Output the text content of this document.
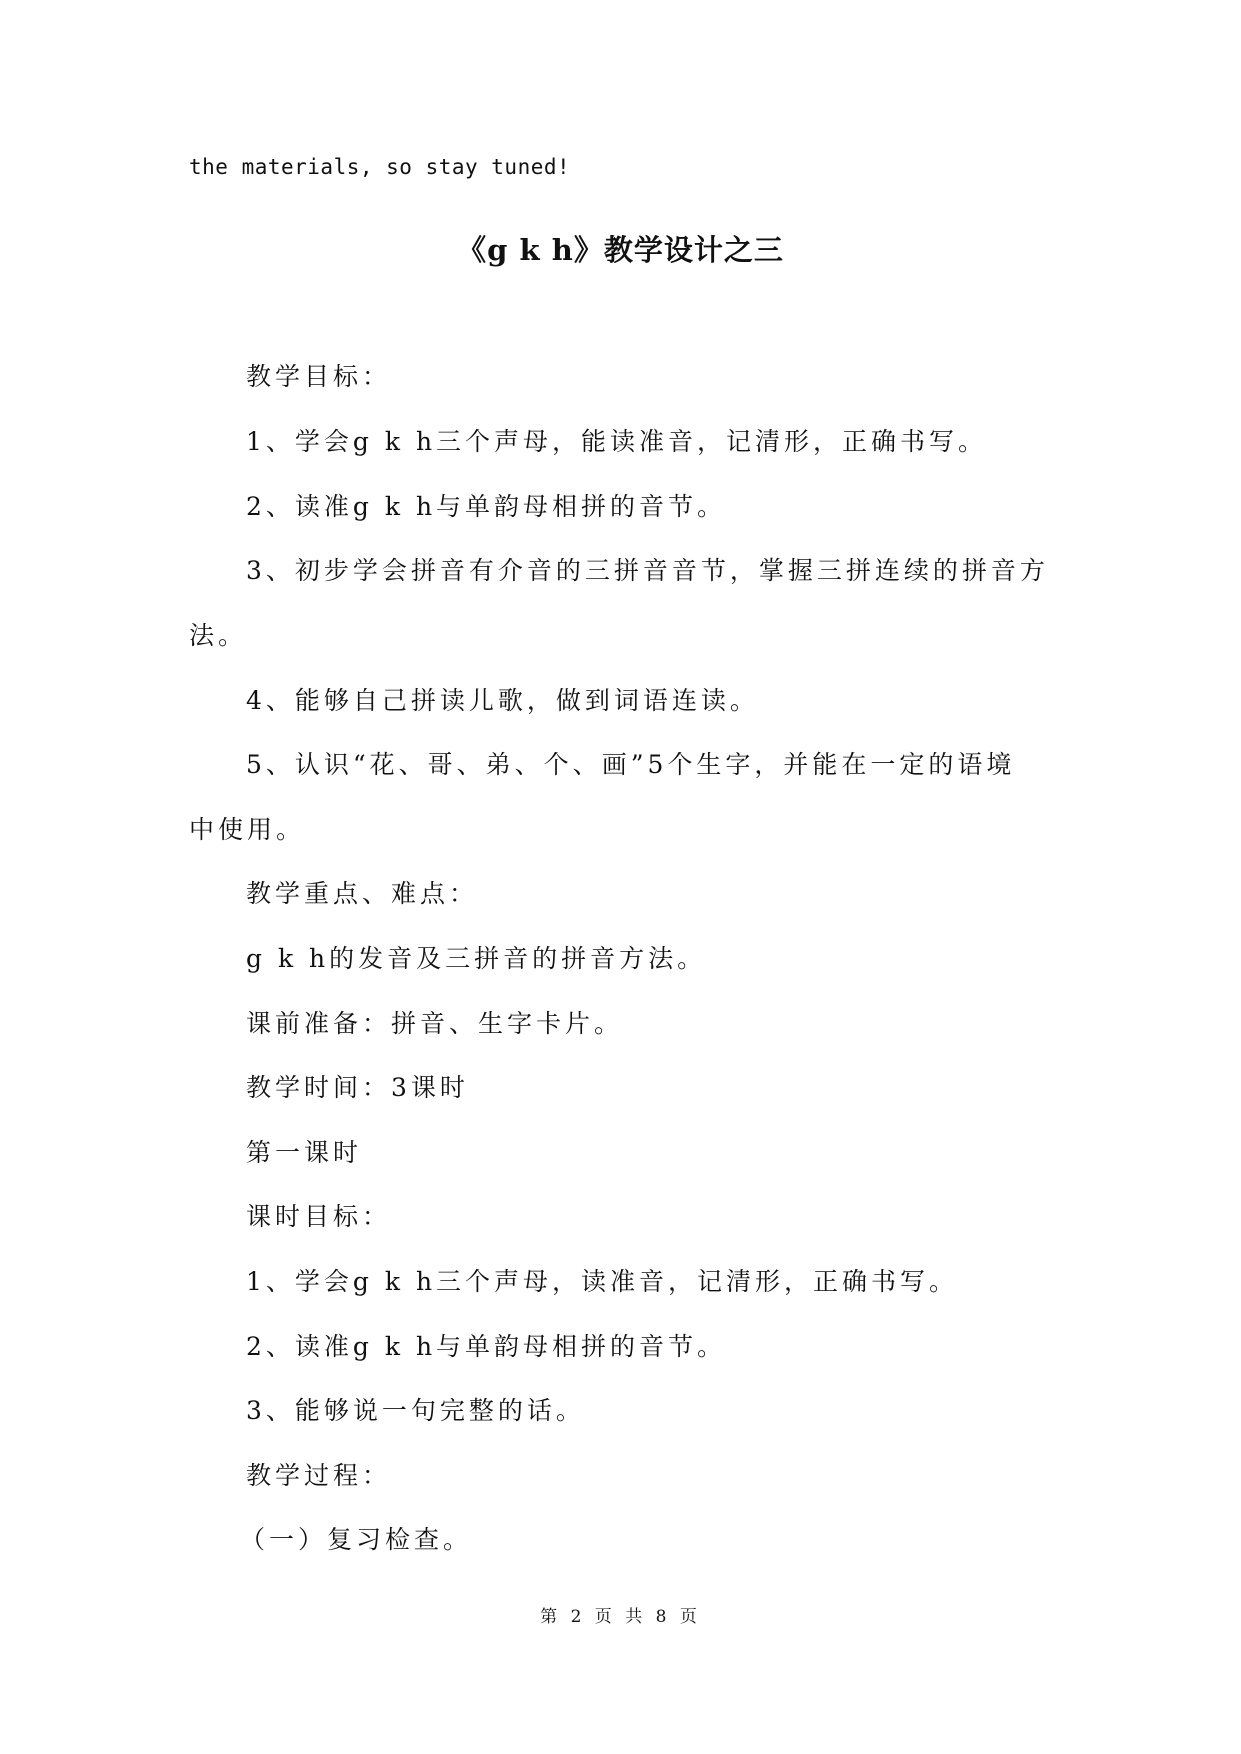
the materials, so stay tuned!
《g k h》教学设计之三
教学目标：
1、学会g k h三个声母，能读准音，记清形，正确书写。
2、读准g k h与单韵母相拼的音节。
3、初步学会拼音有介音的三拼音音节，掌握三拼连续的拼音方
法。
4、能够自己拼读儿歌，做到词语连读。
5、认识“花、哥、弟、个、画”5个生字，并能在一定的语境
中使用。
教学重点、难点：
g k h的发音及三拼音的拼音方法。
课前准备：拼音、生字卡片。
教学时间：3课时
第一课时
课时目标：
1、学会g k h三个声母，读准音，记清形，正确书写。
2、读准g k h与单韵母相拼的音节。
3、能够说一句完整的话。
教学过程：
（一）复习检查。
第 2 页 共 8 页
